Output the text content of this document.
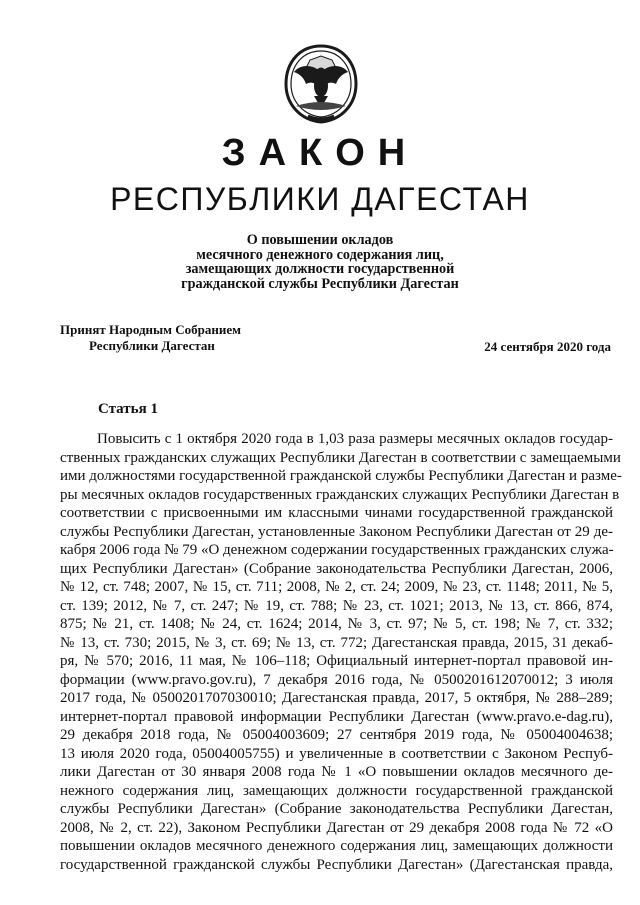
ЗАКОН
РЕСПУБЛИКИ ДАГЕСТАН
О повышении окладов
месячного денежного содержания лиц,
замещающих должности государственной
гражданской службы Республики Дагестан
Принят Народным Собранием
Республики Дагестан	24 сентября 2020 года
Статья 1
Повысить с 1 октября 2020 года в 1,03 раза размеры месячных окладов государ-
ственных гражданских служащих Республики Дагестан в соответствии с замещаемыми
ими должностями государственной гражданской службы Республики Дагестан и разме-
ры месячных окладов государственных гражданских служащих Республики Дагестан в
соответствии с присвоенными им классными чинами государственной гражданской
службы Республики Дагестан, установленные Законом Республики Дагестан от 29 де-
кабря 2006 года № 79 «О денежном содержании государственных гражданских служа-
щих Республики Дагестан» (Собрание законодательства Республики Дагестан, 2006,
№ 12, ст. 748; 2007, № 15, ст. 711; 2008, № 2, ст. 24; 2009, № 23, ст. 1148; 2011, № 5,
ст. 139; 2012, № 7, ст. 247; № 19, ст. 788; № 23, ст. 1021; 2013, № 13, ст. 866, 874,
875; № 21, ст. 1408; № 24, ст. 1624; 2014, № 3, ст. 97; № 5, ст. 198; № 7, ст. 332;
№ 13, ст. 730; 2015, № 3, ст. 69; № 13, ст. 772; Дагестанская правда, 2015, 31 декаб-
ря, № 570; 2016, 11 мая, № 106–118; Официальный интернет-портал правовой ин-
формации (www.pravo.gov.ru), 7 декабря 2016 года, № 0500201612070012; 3 июля
2017 года, № 0500201707030010; Дагестанская правда, 2017, 5 октября, № 288–289;
интернет-портал правовой информации Республики Дагестан (www.pravo.e-dag.ru),
29 декабря 2018 года, № 05004003609; 27 сентября 2019 года, № 05004004638;
13 июля 2020 года, 05004005755) и увеличенные в соответствии с Законом Респуб-
лики Дагестан от 30 января 2008 года № 1 «О повышении окладов месячного де-
нежного содержания лиц, замещающих должности государственной гражданской
службы Республики Дагестан» (Собрание законодательства Республики Дагестан,
2008, № 2, ст. 22), Законом Республики Дагестан от 29 декабря 2008 года № 72 «О
повышении окладов месячного денежного содержания лиц, замещающих должности
государственной гражданской службы Республики Дагестан» (Дагестанская правда,
